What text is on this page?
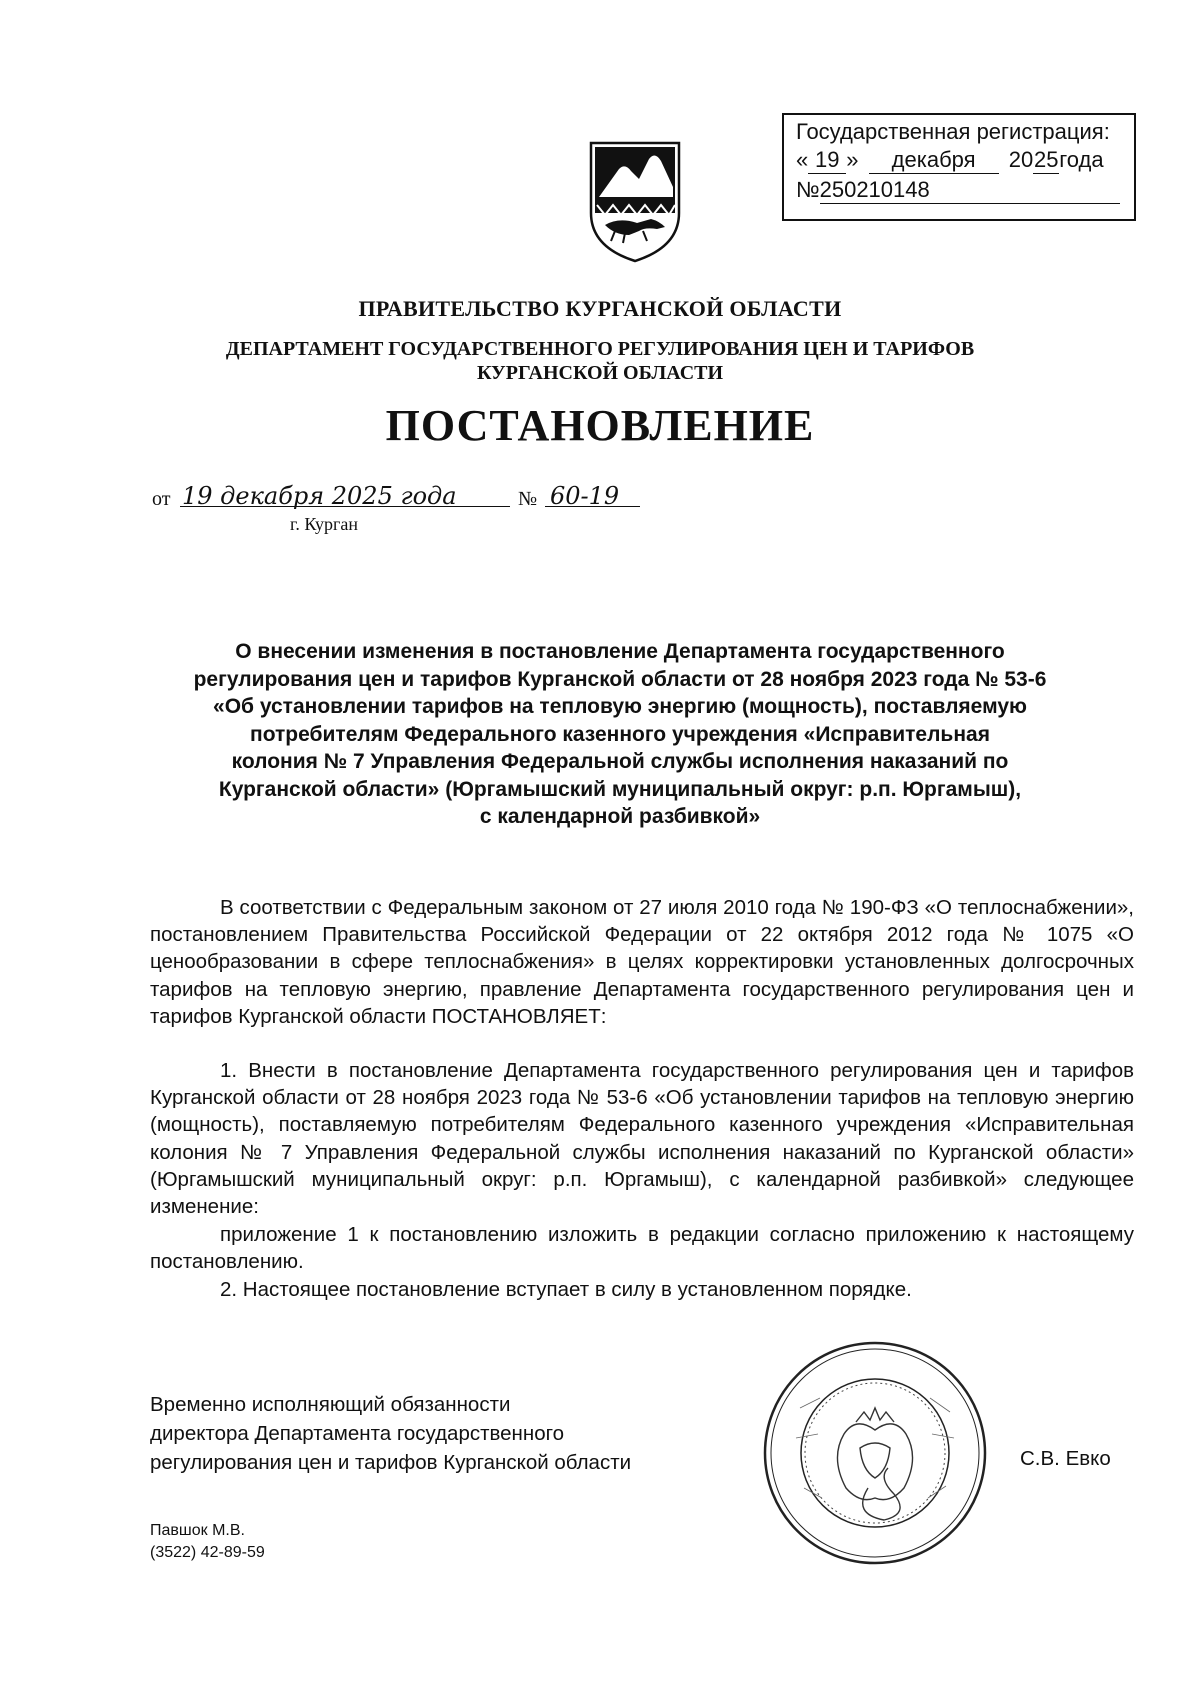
Государственная регистрация:
« 19 » декабря 2025года
№250210148
ПРАВИТЕЛЬСТВО КУРГАНСКОЙ ОБЛАСТИ
ДЕПАРТАМЕНТ ГОСУДАРСТВЕННОГО РЕГУЛИРОВАНИЯ ЦЕН И ТАРИФОВ
КУРГАНСКОЙ ОБЛАСТИ
ПОСТАНОВЛЕНИЕ
от 19 декабря 2025 года	№ 60-19
г. Курган
О внесении изменения в постановление Департамента государственного
регулирования цен и тарифов Курганской области от 28 ноября 2023 года № 53-6
«Об установлении тарифов на тепловую энергию (мощность), поставляемую
потребителям Федерального казенного учреждения «Исправительная
колония № 7 Управления Федеральной службы исполнения наказаний по
Курганской области» (Юргамышский муниципальный округ: р.п. Юргамыш),
с календарной разбивкой»
В соответствии с Федеральным законом от 27 июля 2010 года № 190-ФЗ «О теплоснабжении», постановлением Правительства Российской Федерации от 22 октября 2012 года № 1075 «О ценообразовании в сфере теплоснабжения» в целях корректировки установленных долгосрочных тарифов на тепловую энергию, правление Департамента государственного регулирования цен и тарифов Курганской области ПОСТАНОВЛЯЕТ:
1. Внести в постановление Департамента государственного регулирования цен и тарифов Курганской области от 28 ноября 2023 года № 53-6 «Об установлении тарифов на тепловую энергию (мощность), поставляемую потребителям Федерального казенного учреждения «Исправительная колония № 7 Управления Федеральной службы исполнения наказаний по Курганской области» (Юргамышский муниципальный округ: р.п. Юргамыш), с календарной разбивкой» следующее изменение:
приложение 1 к постановлению изложить в редакции согласно приложению к настоящему постановлению.
2. Настоящее постановление вступает в силу в установленном порядке.
Временно исполняющий обязанности
директора Департамента государственного
регулирования цен и тарифов Курганской области	С.В. Евко
Павшок М.В.
(3522) 42-89-59
